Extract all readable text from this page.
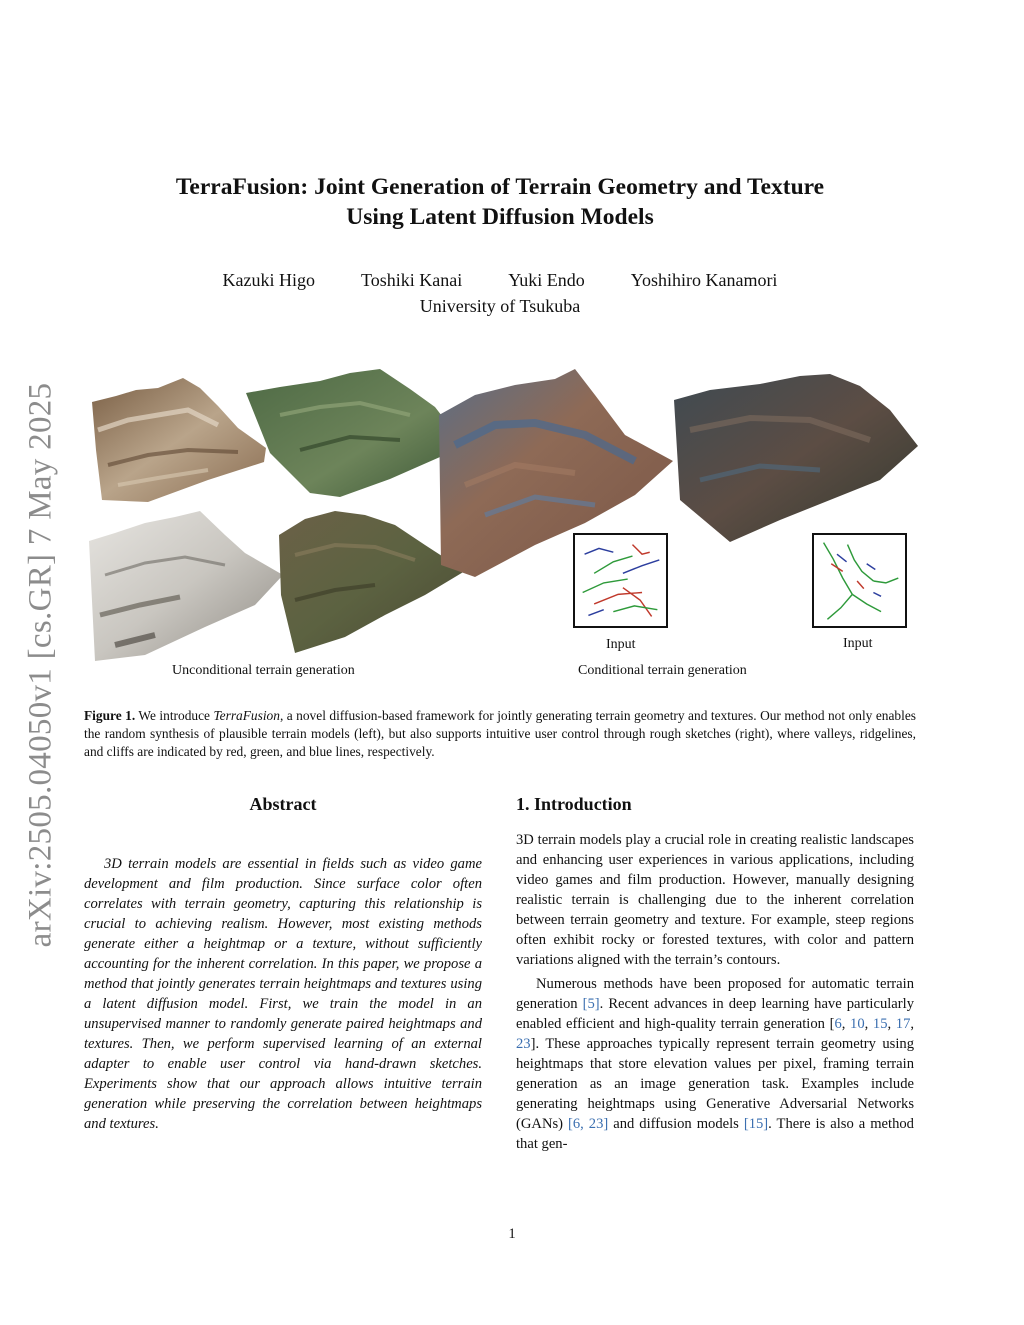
arXiv:2505.04050v1 [cs.GR] 7 May 2025
TerraFusion: Joint Generation of Terrain Geometry and Texture
Using Latent Diffusion Models
Kazuki Higo	Toshiki Kanai	Yuki Endo	Yoshihiro Kanamori
University of Tsukuba
Input	Input
Unconditional terrain generation	Conditional terrain generation
Figure 1. We introduce TerraFusion, a novel diffusion-based framework for jointly generating terrain geometry and textures. Our method not only enables the random synthesis of plausible terrain models (left), but also supports intuitive user control through rough sketches (right), where valleys, ridgelines, and cliffs are indicated by red, green, and blue lines, respectively.
Abstract

3D terrain models are essential in fields such as video game development and film production. Since surface color often correlates with terrain geometry, capturing this relationship is crucial to achieving realism. However, most existing methods generate either a heightmap or a texture, without sufficiently accounting for the inherent correlation. In this paper, we propose a method that jointly generates terrain heightmaps and textures using a latent diffusion model. First, we train the model in an unsupervised manner to randomly generate paired heightmaps and textures. Then, we perform supervised learning of an external adapter to enable user control via hand-drawn sketches. Experiments show that our approach allows intuitive terrain generation while preserving the correlation between heightmaps and textures.

1. Introduction

3D terrain models play a crucial role in creating realistic landscapes and enhancing user experiences in various applications, including video games and film production. However, manually designing realistic terrain is challenging due to the inherent correlation between terrain geometry and texture. For example, steep regions often exhibit rocky or forested textures, with color and pattern variations aligned with the terrain’s contours.

Numerous methods have been proposed for automatic terrain generation [5]. Recent advances in deep learning have particularly enabled efficient and high-quality terrain generation [6, 10, 15, 17, 23]. These approaches typically represent terrain geometry using heightmaps that store elevation values per pixel, framing terrain generation as an image generation task. Examples include generating heightmaps using Generative Adversarial Networks (GANs) [6, 23] and diffusion models [15]. There is also a method that gen-

1
